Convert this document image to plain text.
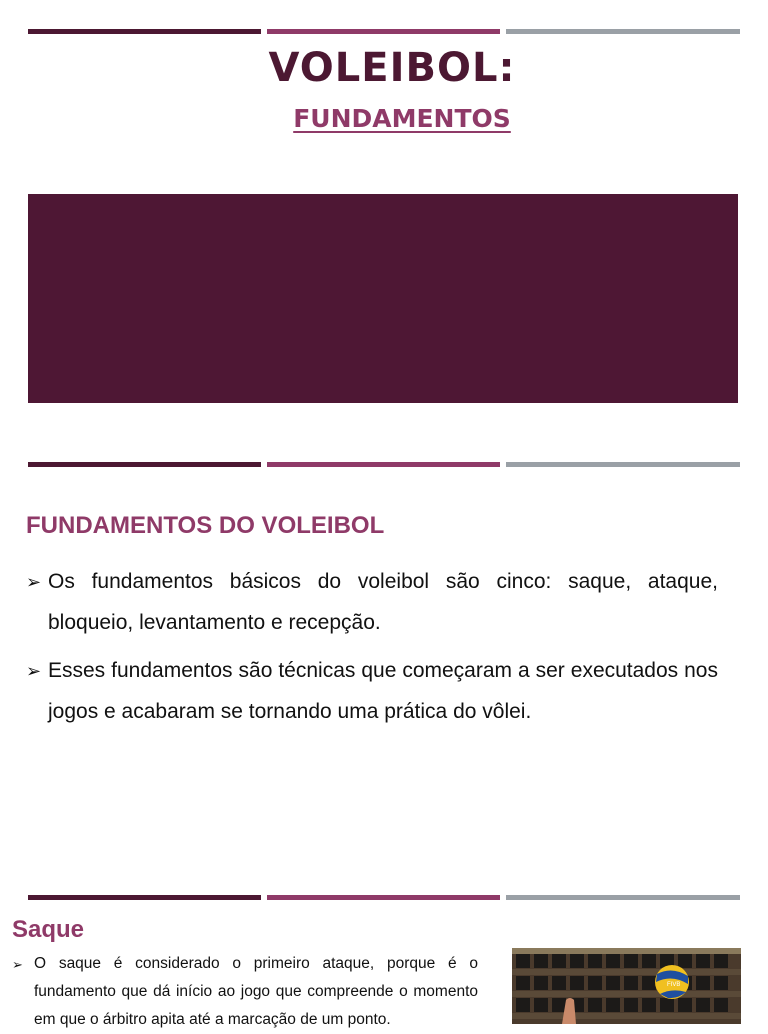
VOLEIBOL:
FUNDAMENTOS
FUNDAMENTOS DO VOLEIBOL
➢ Os fundamentos básicos do voleibol são cinco: saque, ataque, bloqueio, levantamento e recepção.
➢ Esses fundamentos são técnicas que começaram a ser executados nos jogos e acabaram se tornando uma prática do vôlei.
Saque
➢ O saque é considerado o primeiro ataque, porque é o fundamento que dá início ao jogo que compreende o momento em que o árbitro apita até a marcação de um ponto.
FIVB
